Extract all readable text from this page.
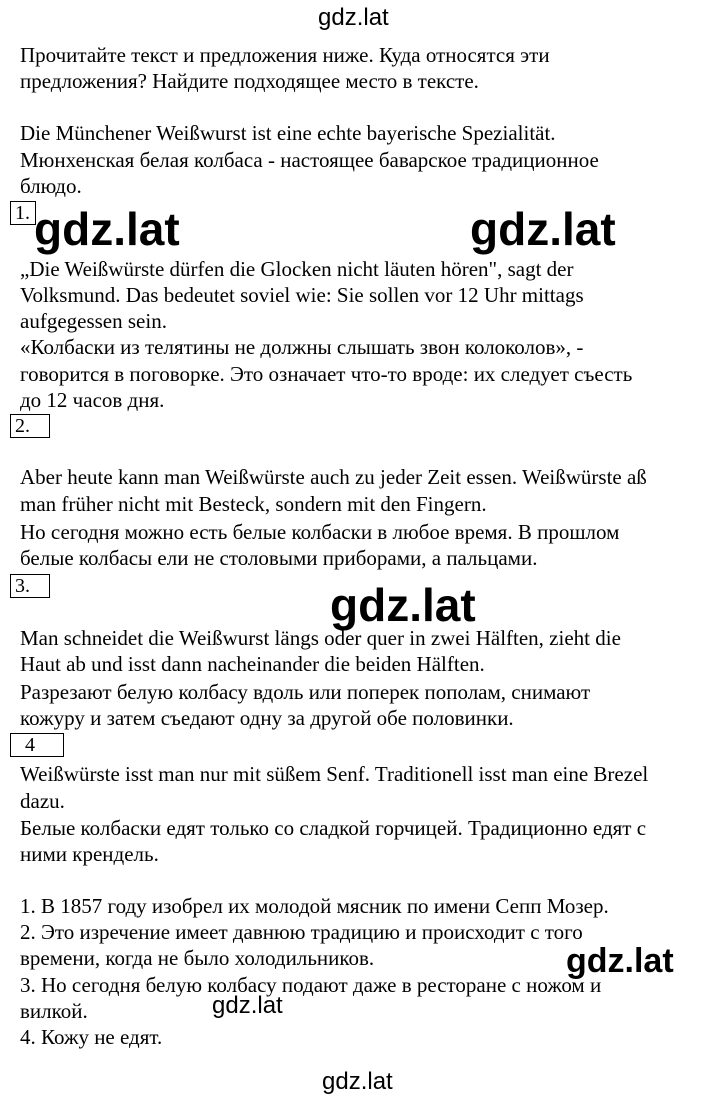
gdz.lat
Прочитайте текст и предложения ниже. Куда относятся эти
предложения? Найдите подходящее место в тексте.
Die Münchener Weißwurst ist eine echte bayerische Spezialität.
Мюнхенская белая колбаса - настоящее баварское традиционное
блюдо.
1. gdz.lat	gdz.lat
„Die Weißwürste dürfen die Glocken nicht läuten hören", sagt der
Volksmund. Das bedeutet soviel wie: Sie sollen vor 12 Uhr mittags
aufgegessen sein.
«Колбаски из телятины не должны слышать звон колоколов», -
говорится в поговорке. Это означает что-то вроде: их следует съесть
до 12 часов дня.
2.
Aber heute kann man Weißwürste auch zu jeder Zeit essen. Weißwürste aß
man früher nicht mit Besteck, sondern mit den Fingern.
Но сегодня можно есть белые колбаски в любое время. В прошлом
белые колбасы ели не столовыми приборами, а пальцами.
3.	gdz.lat
Man schneidet die Weißwurst längs oder quer in zwei Hälften, zieht die
Haut ab und isst dann nacheinander die beiden Hälften.
Разрезают белую колбасу вдоль или поперек пополам, снимают
кожуру и затем съедают одну за другой обе половинки.
4
Weißwürste isst man nur mit süßem Senf. Traditionell isst man eine Brezel
dazu.
Белые колбаски едят только со сладкой горчицей. Традиционно едят с
ними крендель.
1. В 1857 году изобрел их молодой мясник по имени Сепп Мозер.
2. Это изречение имеет давнюю традицию и происходит с того
времени, когда не было холодильников.
3. Но сегодня белую колбасу подают даже в ресторане с ножом и
вилкой.
4. Кожу не едят.
gdz.lat
gdz.lat
gdz.lat
